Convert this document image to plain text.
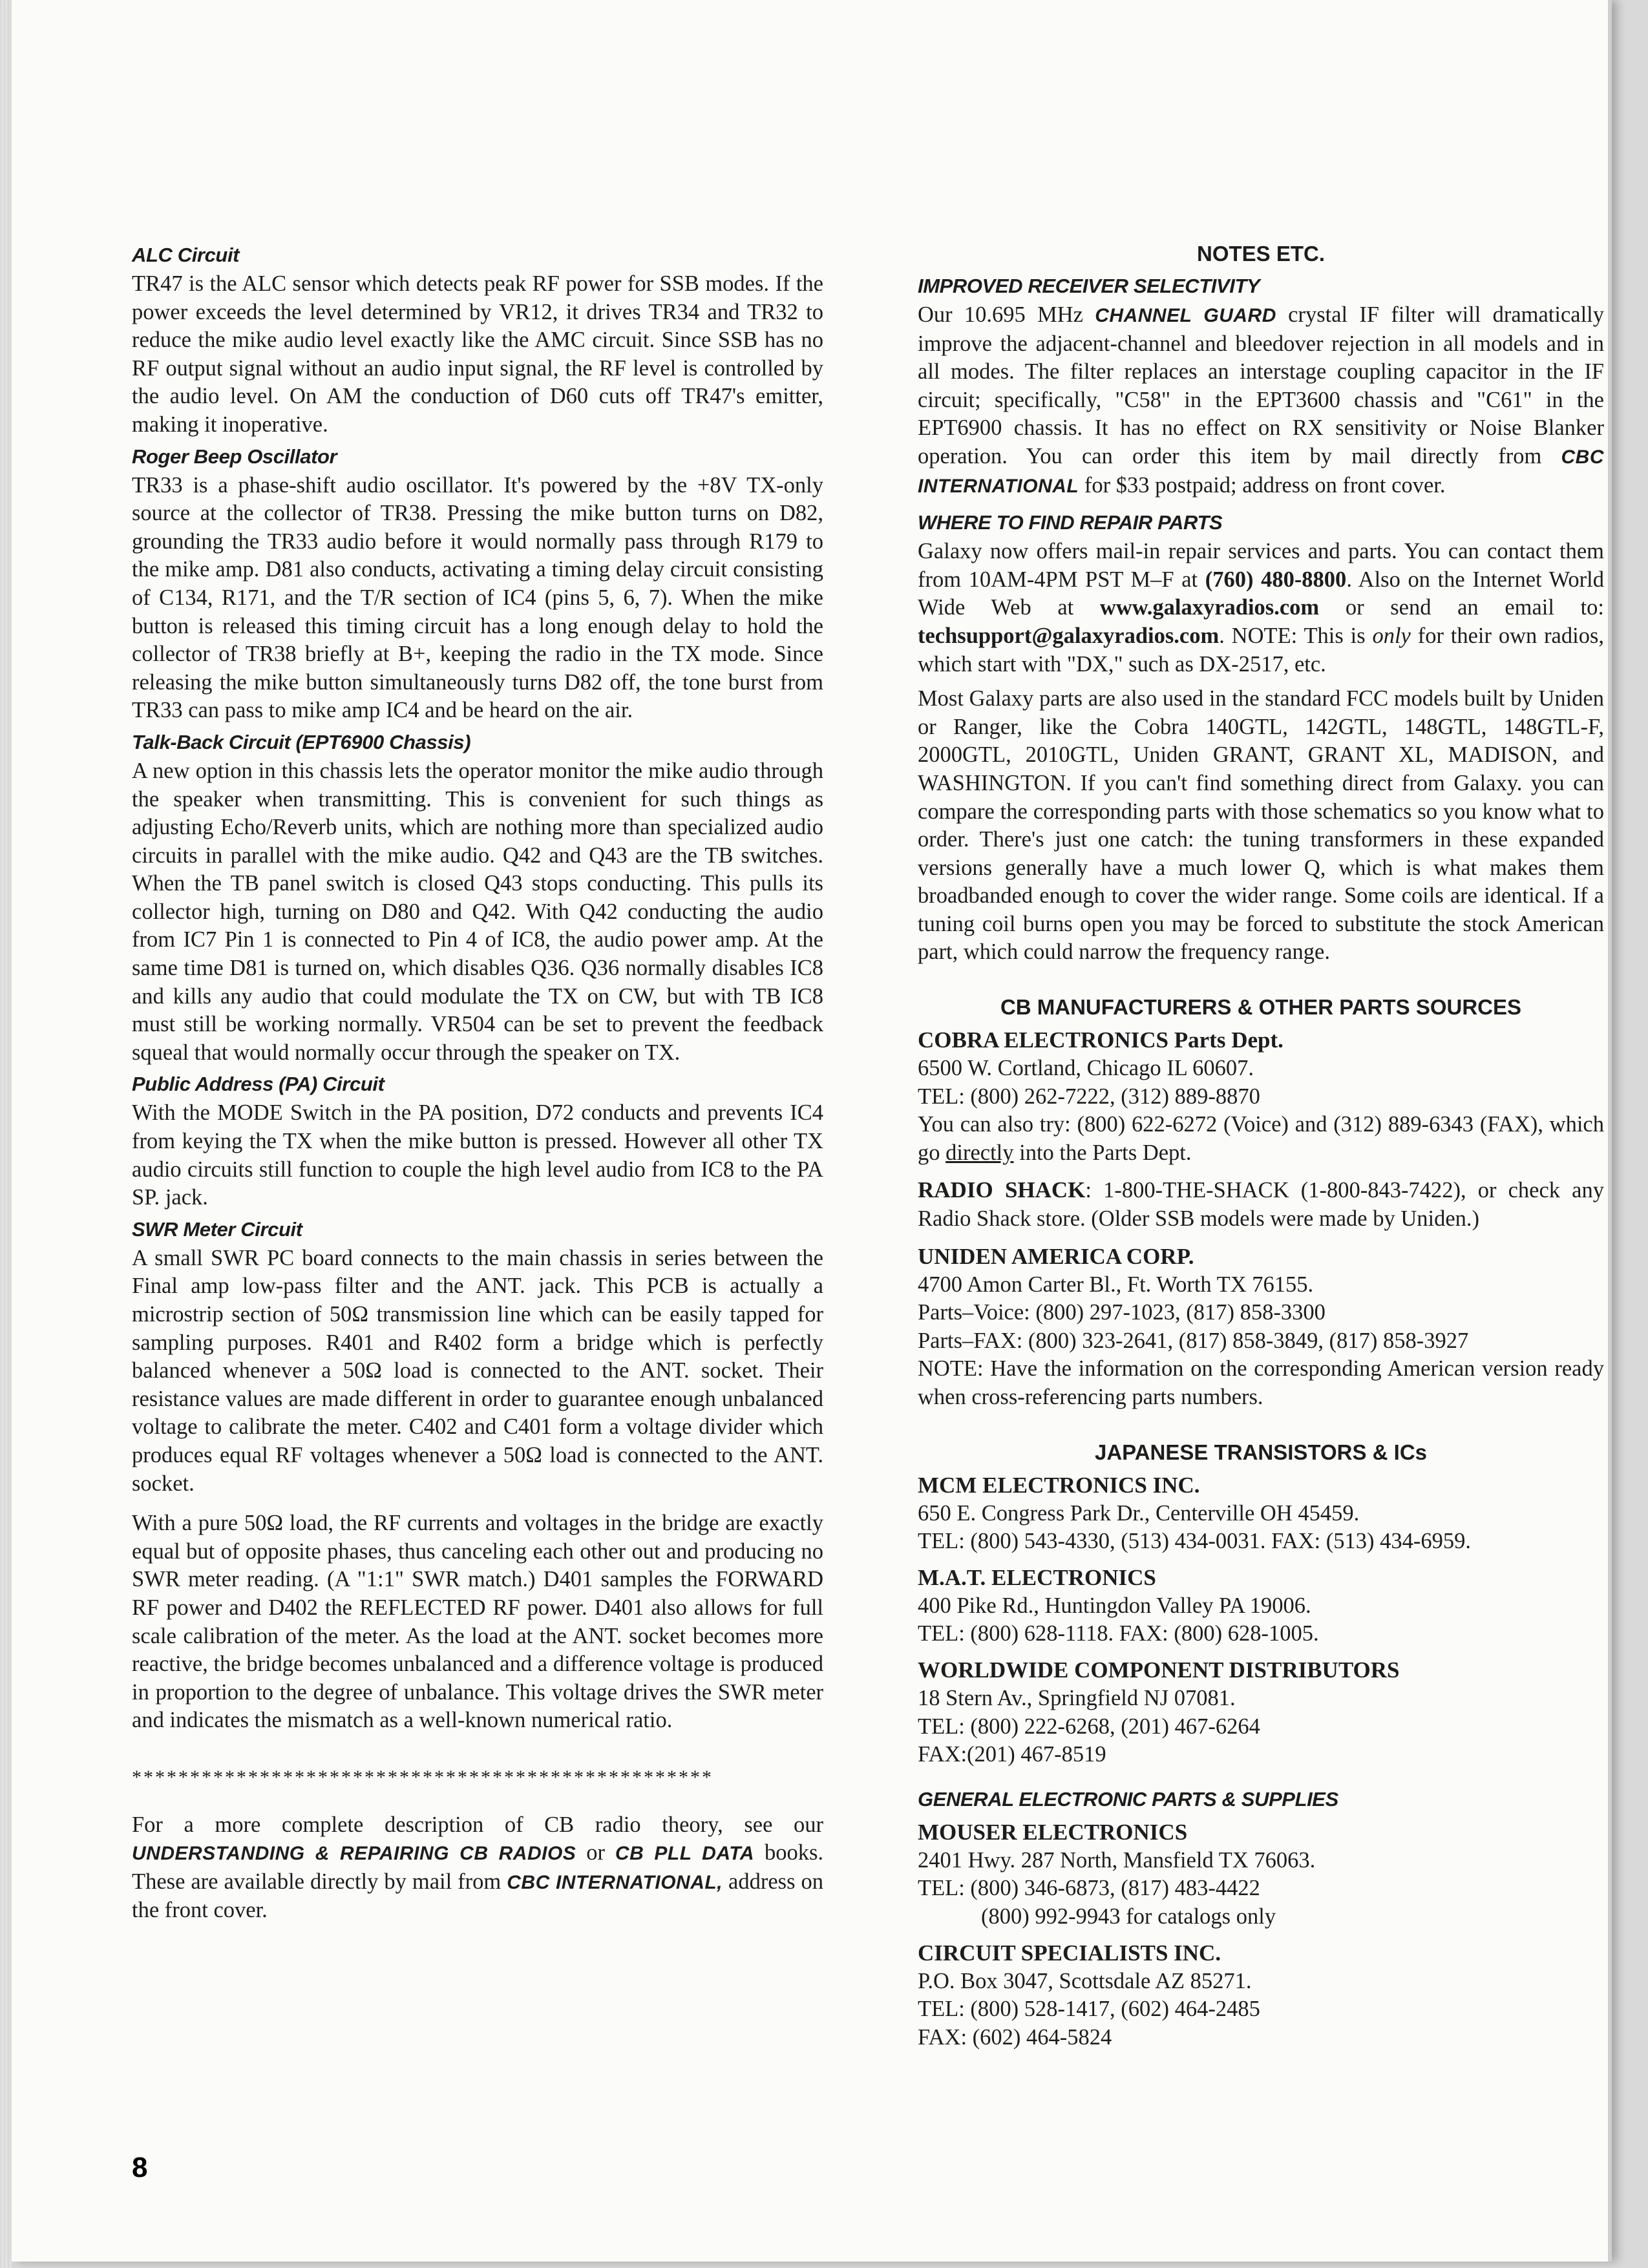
ALC Circuit

TR47 is the ALC sensor which detects peak RF power for SSB modes. If the power exceeds the level determined by VR12, it drives TR34 and TR32 to reduce the mike audio level exactly like the AMC circuit. Since SSB has no RF output signal without an audio input signal, the RF level is controlled by the audio level. On AM the conduction of D60 cuts off TR47's emitter, making it inoperative.

Roger Beep Oscillator

TR33 is a phase-shift audio oscillator. It's powered by the +8V TX-only source at the collector of TR38. Pressing the mike button turns on D82, grounding the TR33 audio before it would normally pass through R179 to the mike amp. D81 also conducts, activating a timing delay circuit consisting of C134, R171, and the T/R section of IC4 (pins 5, 6, 7). When the mike button is released this timing circuit has a long enough delay to hold the collector of TR38 briefly at B+, keeping the radio in the TX mode. Since releasing the mike button simultaneously turns D82 off, the tone burst from TR33 can pass to mike amp IC4 and be heard on the air.

Talk-Back Circuit (EPT6900 Chassis)

A new option in this chassis lets the operator monitor the mike audio through the speaker when transmitting. This is convenient for such things as adjusting Echo/Reverb units, which are nothing more than specialized audio circuits in parallel with the mike audio. Q42 and Q43 are the TB switches. When the TB panel switch is closed Q43 stops conducting. This pulls its collector high, turning on D80 and Q42. With Q42 conducting the audio from IC7 Pin 1 is connected to Pin 4 of IC8, the audio power amp. At the same time D81 is turned on, which disables Q36. Q36 normally disables IC8 and kills any audio that could modulate the TX on CW, but with TB IC8 must still be working normally. VR504 can be set to prevent the feedback squeal that would normally occur through the speaker on TX.

Public Address (PA) Circuit

With the MODE Switch in the PA position, D72 conducts and prevents IC4 from keying the TX when the mike button is pressed. However all other TX audio circuits still function to couple the high level audio from IC8 to the PA SP. jack.

SWR Meter Circuit

A small SWR PC board connects to the main chassis in series between the Final amp low-pass filter and the ANT. jack. This PCB is actually a microstrip section of 50Ω transmission line which can be easily tapped for sampling purposes. R401 and R402 form a bridge which is perfectly balanced whenever a 50Ω load is connected to the ANT. socket. Their resistance values are made different in order to guarantee enough unbalanced voltage to calibrate the meter. C402 and C401 form a voltage divider which produces equal RF voltages whenever a 50Ω load is connected to the ANT. socket.

With a pure 50Ω load, the RF currents and voltages in the bridge are exactly equal but of opposite phases, thus canceling each other out and producing no SWR meter reading. (A "1:1" SWR match.) D401 samples the FORWARD RF power and D402 the REFLECTED RF power. D401 also allows for full scale calibration of the meter. As the load at the ANT. socket becomes more reactive, the bridge becomes unbalanced and a difference voltage is produced in proportion to the degree of unbalance. This voltage drives the SWR meter and indicates the mismatch as a well-known numerical ratio.

**************************************************

For a more complete description of CB radio theory, see our UNDERSTANDING & REPAIRING CB RADIOS or CB PLL DATA books. These are available directly by mail from CBC INTERNATIONAL, address on the front cover.

NOTES ETC.
IMPROVED RECEIVER SELECTIVITY

Our 10.695 MHz CHANNEL GUARD crystal IF filter will dramatically improve the adjacent-channel and bleedover rejection in all models and in all modes. The filter replaces an interstage coupling capacitor in the IF circuit; specifically, "C58" in the EPT3600 chassis and "C61" in the EPT6900 chassis. It has no effect on RX sensitivity or Noise Blanker operation. You can order this item by mail directly from CBC INTERNATIONAL for $33 postpaid; address on front cover.

WHERE TO FIND REPAIR PARTS

Galaxy now offers mail-in repair services and parts. You can contact them from 10AM-4PM PST M–F at (760) 480-8800. Also on the Internet World Wide Web at www.galaxyradios.com or send an email to: techsupport@galaxyradios.com. NOTE: This is only for their own radios, which start with "DX," such as DX-2517, etc.

Most Galaxy parts are also used in the standard FCC models built by Uniden or Ranger, like the Cobra 140GTL, 142GTL, 148GTL, 148GTL-F, 2000GTL, 2010GTL, Uniden GRANT, GRANT XL, MADISON, and WASHINGTON. If you can't find something direct from Galaxy. you can compare the corresponding parts with those schematics so you know what to order. There's just one catch: the tuning transformers in these expanded versions generally have a much lower Q, which is what makes them broadbanded enough to cover the wider range. Some coils are identical. If a tuning coil burns open you may be forced to substitute the stock American part, which could narrow the frequency range.

CB MANUFACTURERS & OTHER PARTS SOURCES
COBRA ELECTRONICS Parts Dept.
6500 W. Cortland, Chicago IL 60607.
TEL: (800) 262-7222, (312) 889-8870

You can also try: (800) 622-6272 (Voice) and (312) 889-6343 (FAX), which go directly into the Parts Dept.

RADIO SHACK: 1-800-THE-SHACK (1-800-843-7422), or check any Radio Shack store. (Older SSB models were made by Uniden.)

UNIDEN AMERICA CORP.
4700 Amon Carter Bl., Ft. Worth TX 76155.
Parts–Voice: (800) 297-1023, (817) 858-3300
Parts–FAX: (800) 323-2641, (817) 858-3849, (817) 858-3927

NOTE: Have the information on the corresponding American version ready when cross-referencing parts numbers.

JAPANESE TRANSISTORS & ICs
MCM ELECTRONICS INC.
650 E. Congress Park Dr., Centerville OH 45459.
TEL: (800) 543-4330, (513) 434-0031. FAX: (513) 434-6959.
M.A.T. ELECTRONICS
400 Pike Rd., Huntingdon Valley PA 19006.
TEL: (800) 628-1118. FAX: (800) 628-1005.
WORLDWIDE COMPONENT DISTRIBUTORS
18 Stern Av., Springfield NJ 07081.
TEL: (800) 222-6268, (201) 467-6264
FAX:(201) 467-8519
GENERAL ELECTRONIC PARTS & SUPPLIES
MOUSER ELECTRONICS
2401 Hwy. 287 North, Mansfield TX 76063.
TEL: (800) 346-6873, (817) 483-4422
(800) 992-9943 for catalogs only
CIRCUIT SPECIALISTS INC.
P.O. Box 3047, Scottsdale AZ 85271.
TEL: (800) 528-1417, (602) 464-2485
FAX: (602) 464-5824
8
